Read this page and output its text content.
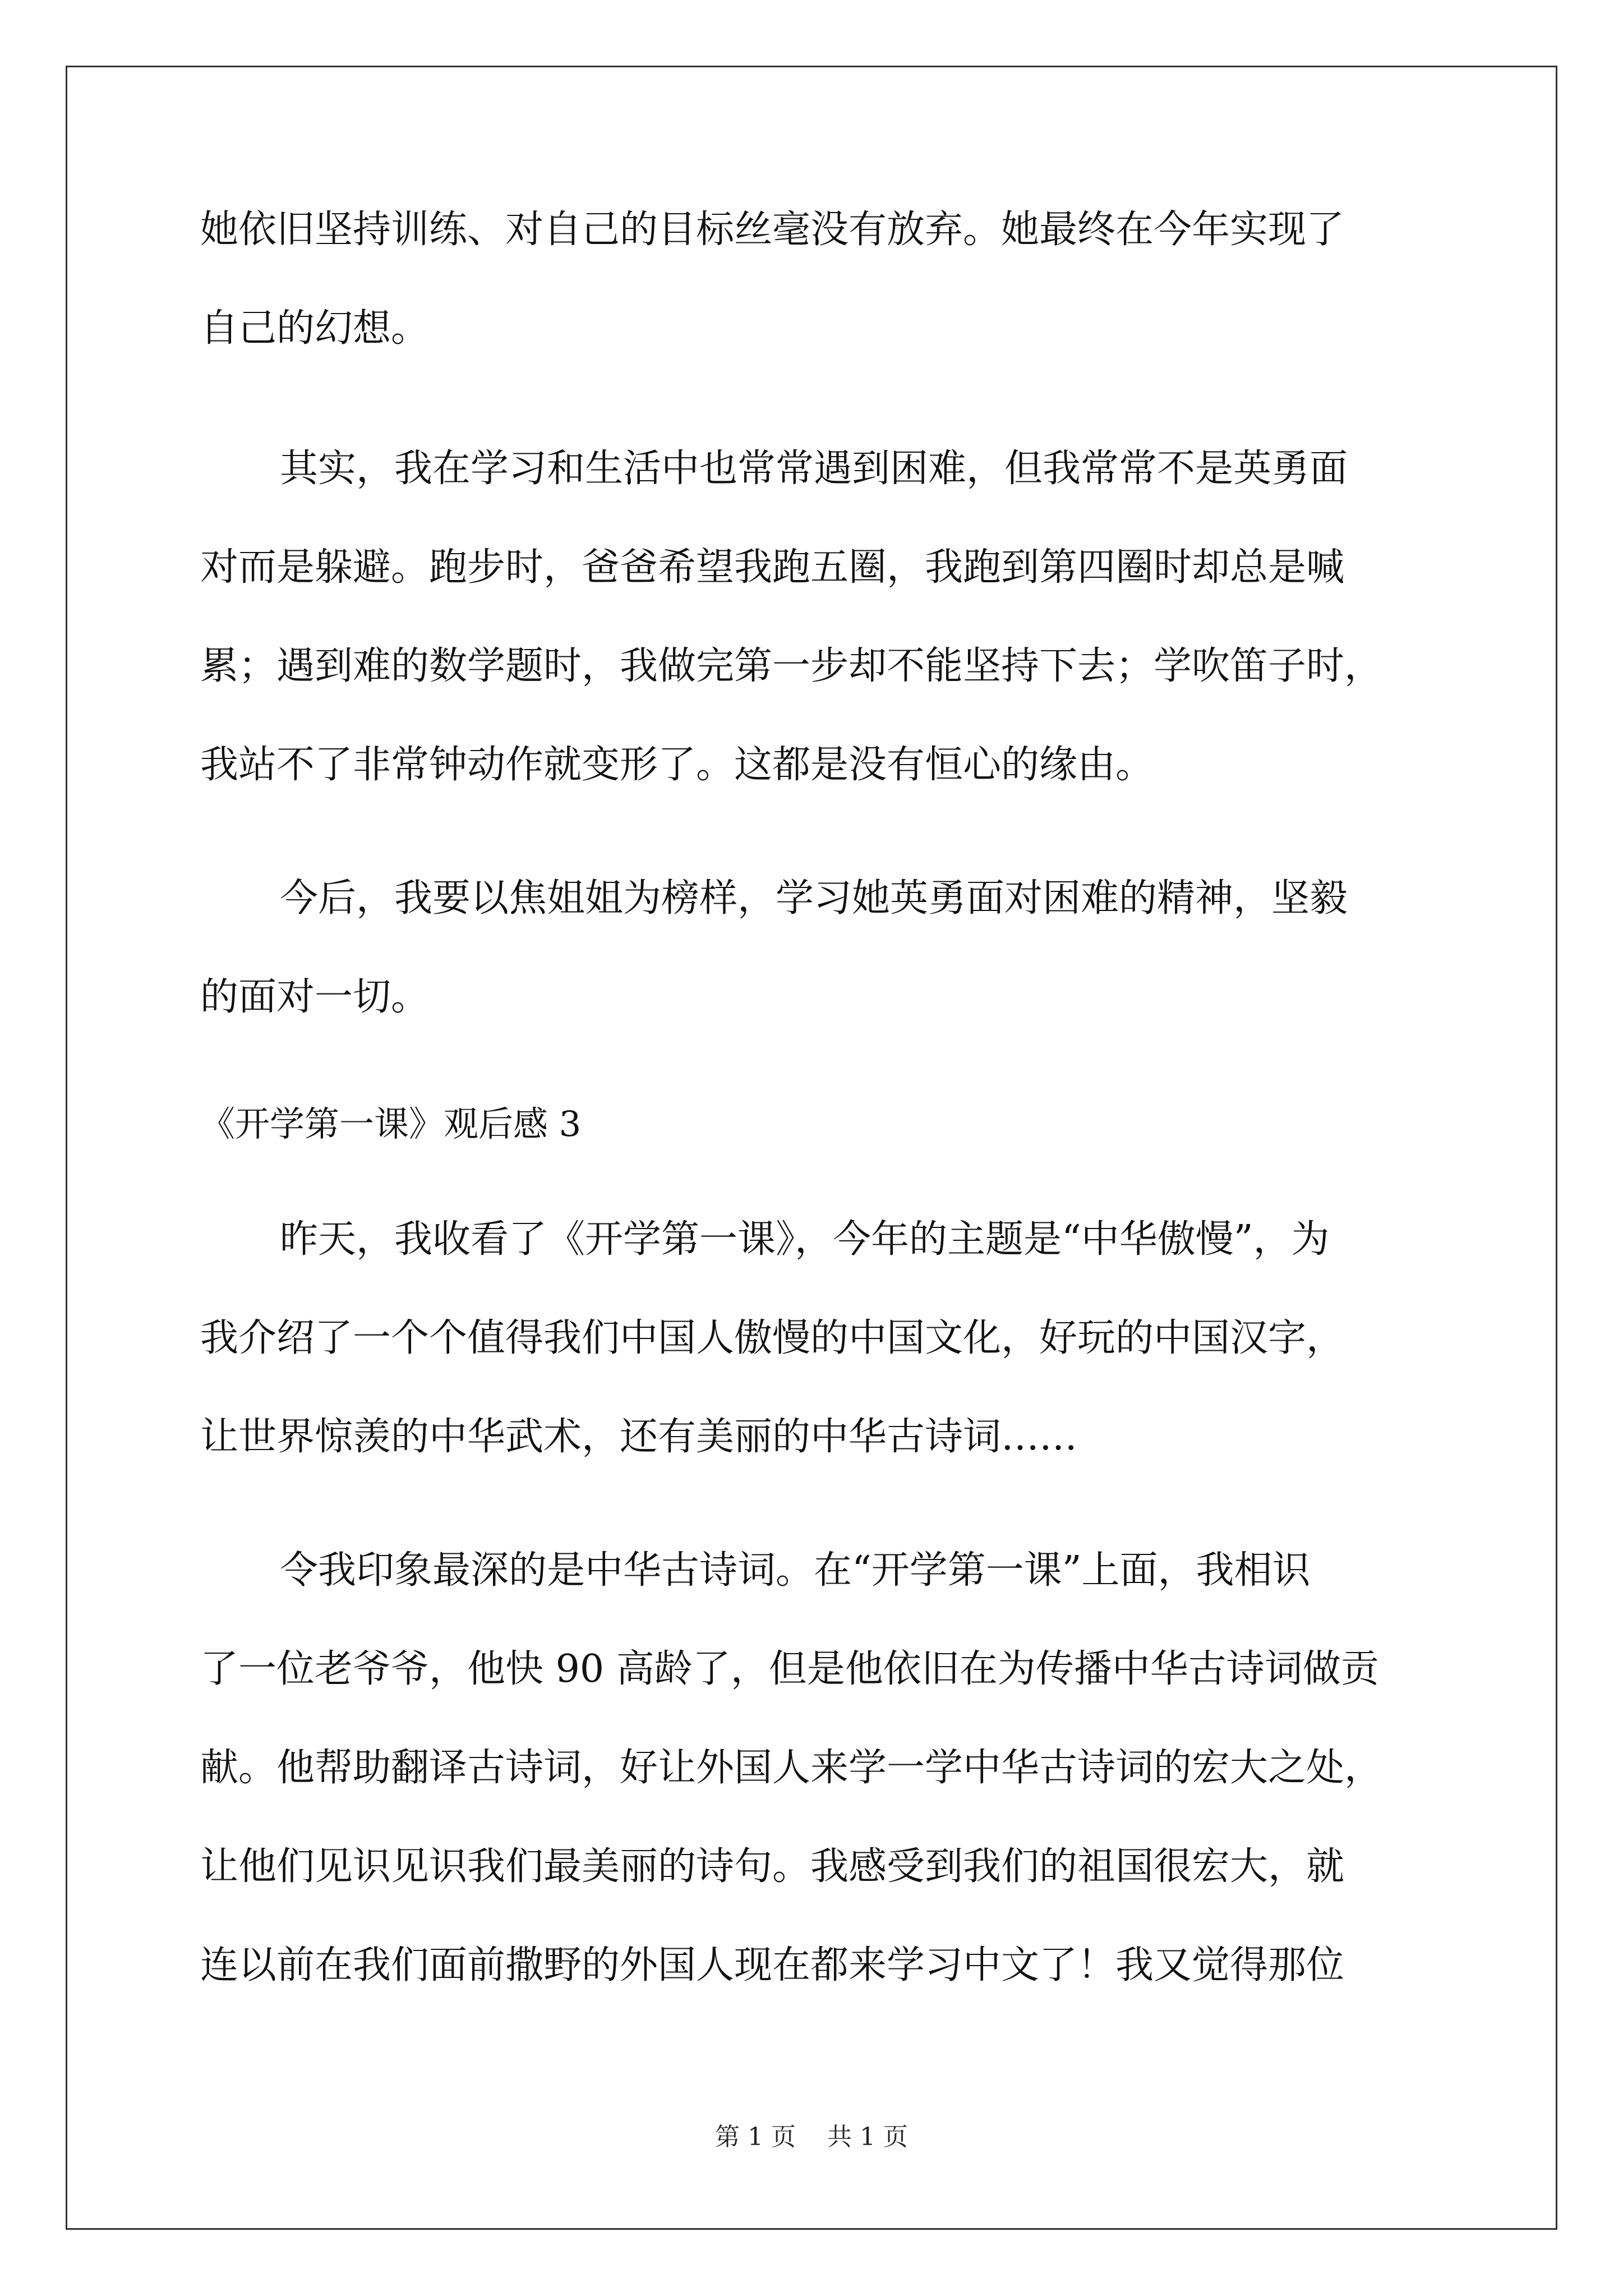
她依旧坚持训练、对自己的目标丝毫没有放弃。她最终在今年实现了
自己的幻想。
其实，我在学习和生活中也常常遇到困难，但我常常不是英勇面
对而是躲避。跑步时，爸爸希望我跑五圈，我跑到第四圈时却总是喊
累；遇到难的数学题时，我做完第一步却不能坚持下去；学吹笛子时，
我站不了非常钟动作就变形了。这都是没有恒心的缘由。
今后，我要以焦姐姐为榜样，学习她英勇面对困难的精神，坚毅
的面对一切。
《开学第一课》观后感 3
昨天，我收看了《开学第一课》，今年的主题是“中华傲慢”，为
我介绍了一个个值得我们中国人傲慢的中国文化，好玩的中国汉字，
让世界惊羡的中华武术，还有美丽的中华古诗词……
令我印象最深的是中华古诗词。在“开学第一课”上面，我相识
了一位老爷爷，他快 90 高龄了，但是他依旧在为传播中华古诗词做贡
献。他帮助翻译古诗词，好让外国人来学一学中华古诗词的宏大之处，
让他们见识见识我们最美丽的诗句。我感受到我们的祖国很宏大，就
连以前在我们面前撒野的外国人现在都来学习中文了！我又觉得那位
第 1 页 共 1 页
